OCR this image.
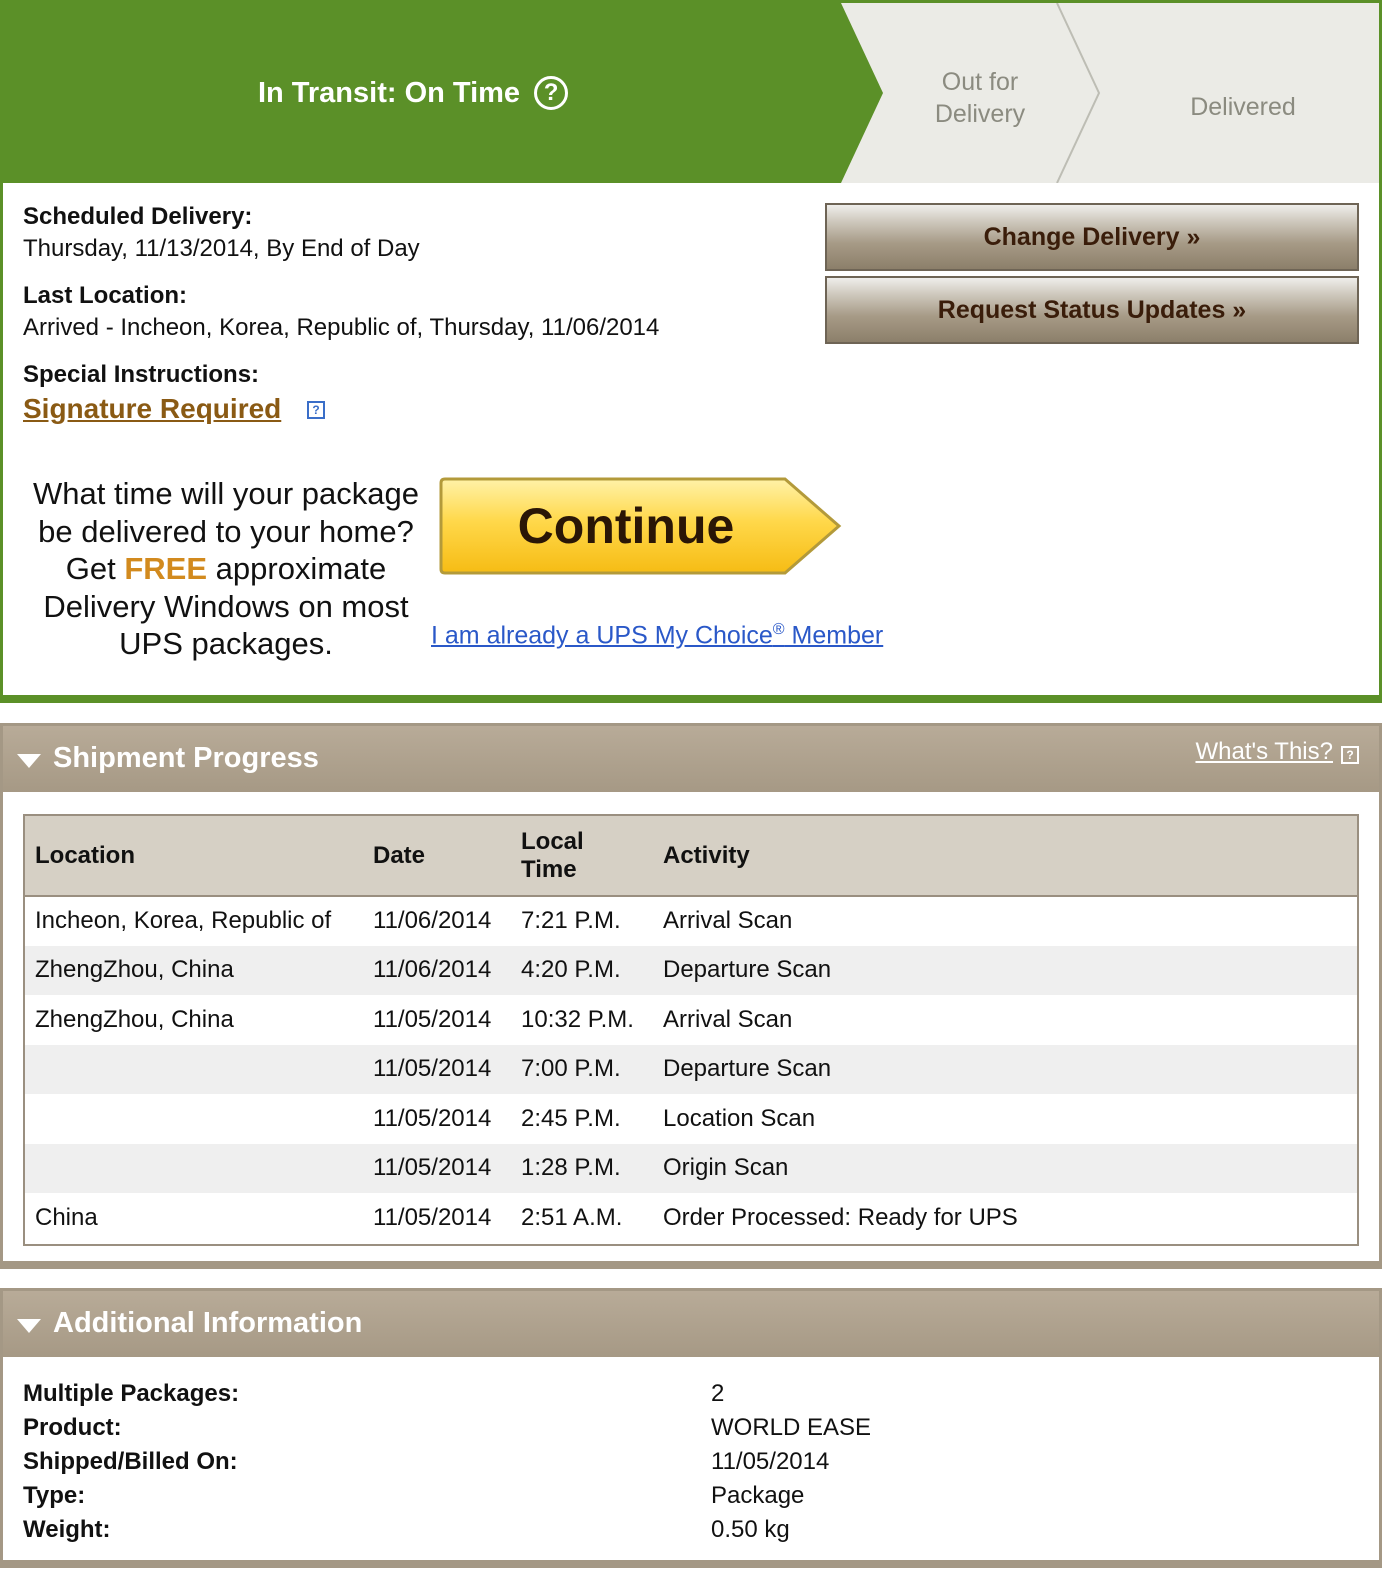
In Transit: On Time ?	Out for
Delivery	Delivered
Scheduled Delivery:
Thursday, 11/13/2014, By End of Day
Last Location:
Arrived - Incheon, Korea, Republic of, Thursday, 11/06/2014
Special Instructions:
Signature Required	?
Change Delivery »
Request Status Updates »
What time will your package
be delivered to your home?
Get FREE approximate
Delivery Windows on most
UPS packages.
Continue
I am already a UPS My Choice® Member
Shipment Progress	What's This?	?
Location	Date	Local
Time	Activity
Incheon, Korea, Republic of	11/06/2014	7:21 P.M.	Arrival Scan
ZhengZhou, China	11/06/2014	4:20 P.M.	Departure Scan
ZhengZhou, China	11/05/2014	10:32 P.M.	Arrival Scan
	11/05/2014	7:00 P.M.	Departure Scan
	11/05/2014	2:45 P.M.	Location Scan
	11/05/2014	1:28 P.M.	Origin Scan
China	11/05/2014	2:51 A.M.	Order Processed: Ready for UPS
Additional Information
Multiple Packages:	2
Product:	WORLD EASE
Shipped/Billed On:	11/05/2014
Type:	Package
Weight:	0.50 kg
